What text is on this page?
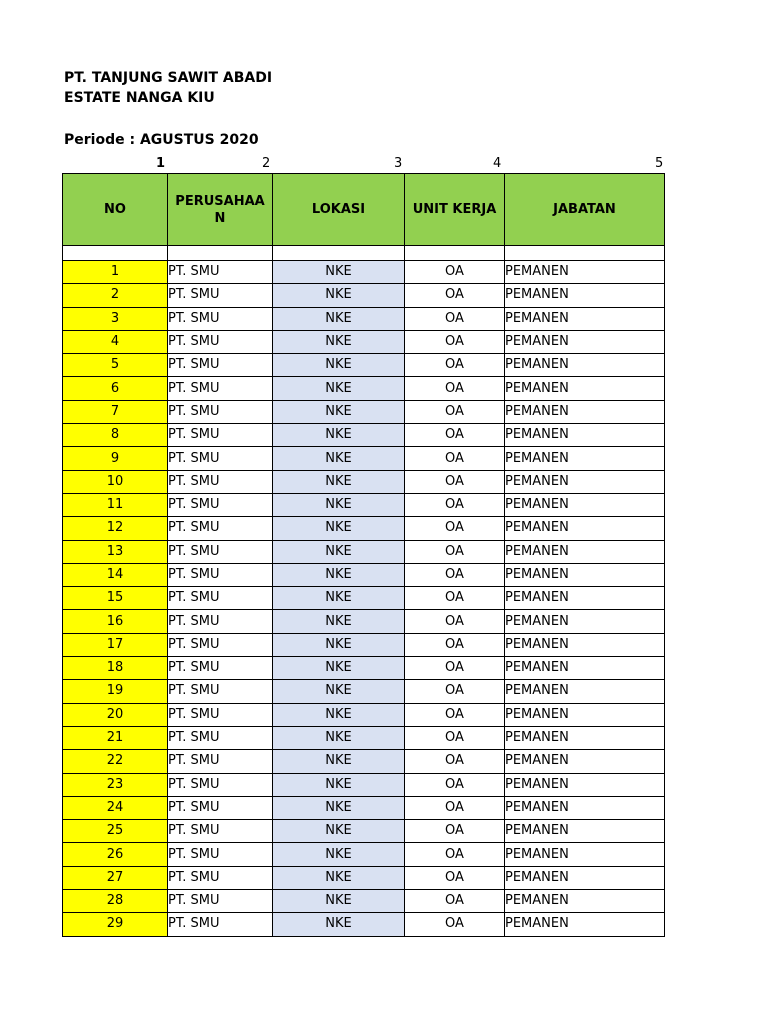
PT. TANJUNG SAWIT ABADI
ESTATE NANGA KIU
Periode : AGUSTUS 2020
1	2	3	4	5
NO	PERUSAHAAN	LOKASI	UNIT KERJA	JABATAN

1	PT. SMU	NKE	OA	PEMANEN
2	PT. SMU	NKE	OA	PEMANEN
3	PT. SMU	NKE	OA	PEMANEN
4	PT. SMU	NKE	OA	PEMANEN
5	PT. SMU	NKE	OA	PEMANEN
6	PT. SMU	NKE	OA	PEMANEN
7	PT. SMU	NKE	OA	PEMANEN
8	PT. SMU	NKE	OA	PEMANEN
9	PT. SMU	NKE	OA	PEMANEN
10	PT. SMU	NKE	OA	PEMANEN
11	PT. SMU	NKE	OA	PEMANEN
12	PT. SMU	NKE	OA	PEMANEN
13	PT. SMU	NKE	OA	PEMANEN
14	PT. SMU	NKE	OA	PEMANEN
15	PT. SMU	NKE	OA	PEMANEN
16	PT. SMU	NKE	OA	PEMANEN
17	PT. SMU	NKE	OA	PEMANEN
18	PT. SMU	NKE	OA	PEMANEN
19	PT. SMU	NKE	OA	PEMANEN
20	PT. SMU	NKE	OA	PEMANEN
21	PT. SMU	NKE	OA	PEMANEN
22	PT. SMU	NKE	OA	PEMANEN
23	PT. SMU	NKE	OA	PEMANEN
24	PT. SMU	NKE	OA	PEMANEN
25	PT. SMU	NKE	OA	PEMANEN
26	PT. SMU	NKE	OA	PEMANEN
27	PT. SMU	NKE	OA	PEMANEN
28	PT. SMU	NKE	OA	PEMANEN
29	PT. SMU	NKE	OA	PEMANEN
